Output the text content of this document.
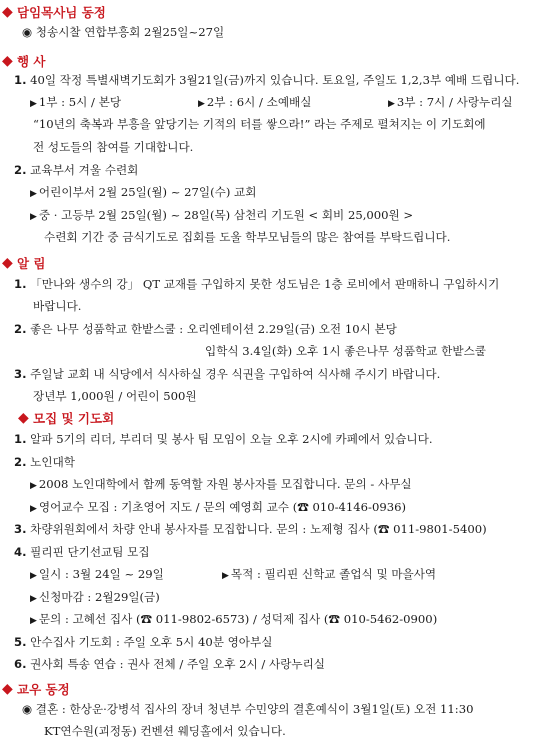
◆ 담임목사님 동정
◉ 청송시찰 연합부흥회 2월25일~27일
◆ 행 사
1. 40일 작정 특별새벽기도회가 3월21일(금)까지 있습니다. 토요일, 주일도 1,2,3부 예배 드립니다.
▶ 1부 : 5시 / 본당	▶ 2부 : 6시 / 소예배실	▶ 3부 : 7시 / 사랑누리실
“10년의 축복과 부흥을 앞당기는 기적의 터를 쌓으라!” 라는 주제로 펼쳐지는 이 기도회에
전 성도들의 참여를 기대합니다.
2. 교육부서 겨울 수련회
▶ 어린이부서 2월 25일(월) ~ 27일(수) 교회
▶ 중 · 고등부 2월 25일(월) ~ 28일(목) 삼천리 기도원 < 회비 25,000원 >
수련회 기간 중 금식기도로 집회를 도울 학부모님들의 많은 참여를 부탁드립니다.
◆ 알 림
1. 「만나와 생수의 강」 QT 교재를 구입하지 못한 성도님은 1층 로비에서 판매하니 구입하시기
바랍니다.
2. 좋은 나무 성품학교 한밭스쿨 : 오리엔테이션 2.29일(금) 오전 10시 본당
입학식 3.4일(화) 오후 1시 좋은나무 성품학교 한밭스쿨
3. 주일날 교회 내 식당에서 식사하실 경우 식권을 구입하여 식사해 주시기 바랍니다.
장년부 1,000원 / 어린이 500원
◆ 모집 및 기도회
1. 알파 5기의 리더, 부리더 및 봉사 팀 모임이 오늘 오후 2시에 카페에서 있습니다.
2. 노인대학
▶ 2008 노인대학에서 함께 동역할 자원 봉사자를 모집합니다. 문의 - 사무실
▶ 영어교수 모집 : 기초영어 지도 / 문의 예영희 교수 (☎ 010-4146-0936)
3. 차량위원회에서 차량 안내 봉사자를 모집합니다. 문의 : 노제형 집사 (☎ 011-9801-5400)
4. 필리핀 단기선교팀 모집
▶ 일시 : 3월 24일 ~ 29일	▶ 목적 : 필리핀 신학교 졸업식 및 마을사역
▶ 신청마감 : 2월29일(금)
▶ 문의 : 고혜선 집사 (☎ 011-9802-6573) / 성덕제 집사 (☎ 010-5462-0900)
5. 안수집사 기도회 : 주일 오후 5시 40분 영아부실
6. 권사회 특송 연습 : 권사 전체 / 주일 오후 2시 / 사랑누리실
◆ 교우 동정
◉ 결혼 : 한상운·강병석 집사의 장녀 청년부 수민양의 결혼예식이 3월1일(토) 오전 11:30
KT연수원(괴정동) 컨벤션 웨딩홀에서 있습니다.
